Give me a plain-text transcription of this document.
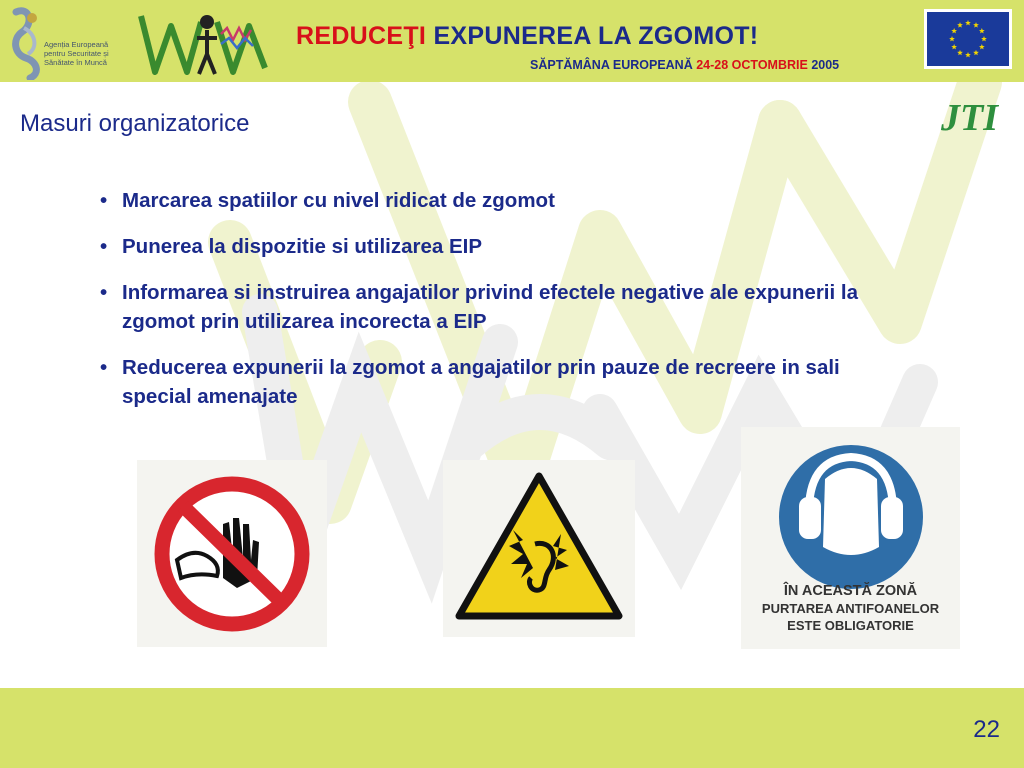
Agenția Europeană
pentru Securitate și
Sănătate în Muncă
REDUCEŢI EXPUNEREA LA ZGOMOT!
SĂPTĂMÂNA EUROPEANĂ 24-28 OCTOMBRIE 2005
JTI
Masuri organizatorice
• Marcarea spatiilor cu nivel ridicat de zgomot
• Punerea la dispozitie si utilizarea EIP
• Informarea si instruirea angajatilor privind efectele negative ale expunerii la zgomot prin utilizarea incorecta a EIP
• Reducerea expunerii la zgomot a angajatilor prin pauze de recreere in sali special amenajate
ÎN ACEASTĂ ZONĂ
PURTAREA ANTIFOANELOR
ESTE OBLIGATORIE
22
